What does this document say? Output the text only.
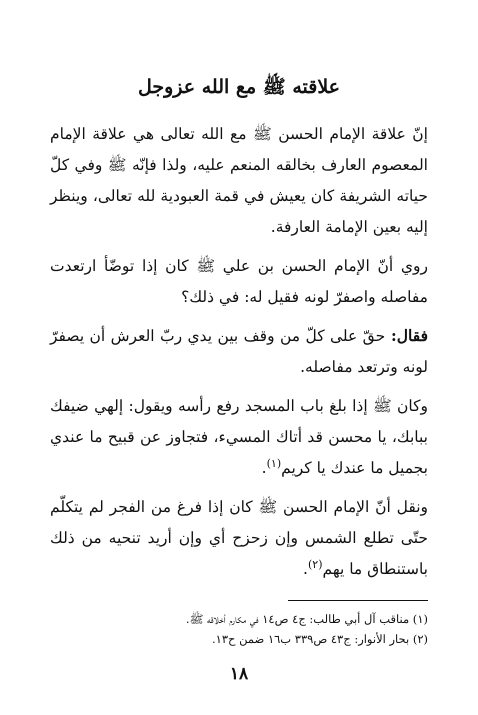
علاقته ﷺ مع الله عزوجل

إنّ علاقة الإمام الحسن ﷺ مع الله تعالى هي علاقة الإمام المعصوم العارف بخالقه المنعم عليه، ولذا فإنّه ﷺ وفي كلّ حياته الشريفة كان يعيش في قمة العبودية لله تعالى، وينظر إليه بعين الإمامة العارفة.

روي أنّ الإمام الحسن بن علي ﷺ كان إذا توضّأ ارتعدت مفاصله واصفرّ لونه فقيل له: في ذلك؟

فقال: حقّ على كلّ من وقف بين يدي ربّ العرش أن يصفرّ لونه وترتعد مفاصله.

وكان ﷺ إذا بلغ باب المسجد رفع رأسه ويقول: إلهي ضيفك ببابك، يا محسن قد أتاك المسيء، فتجاوز عن قبيح ما عندي بجميل ما عندك يا كريم$^{(١)}$.

ونقل أنّ الإمام الحسن ﷺ كان إذا فرغ من الفجر لم يتكلّم حتّى تطلع الشمس وإن زحزح أي وإن أريد تنحيه من ذلك باستنطاق ما يهم$^{(٢)}$.

(١) مناقب آل أبي طالب: ج٤ ص١٤ في مكارم أخلاقه ﷺ.

(٢) بحار الأنوار: ج٤٣ ص٣٣٩ ب١٦ ضمن ح١٣.

١٨
